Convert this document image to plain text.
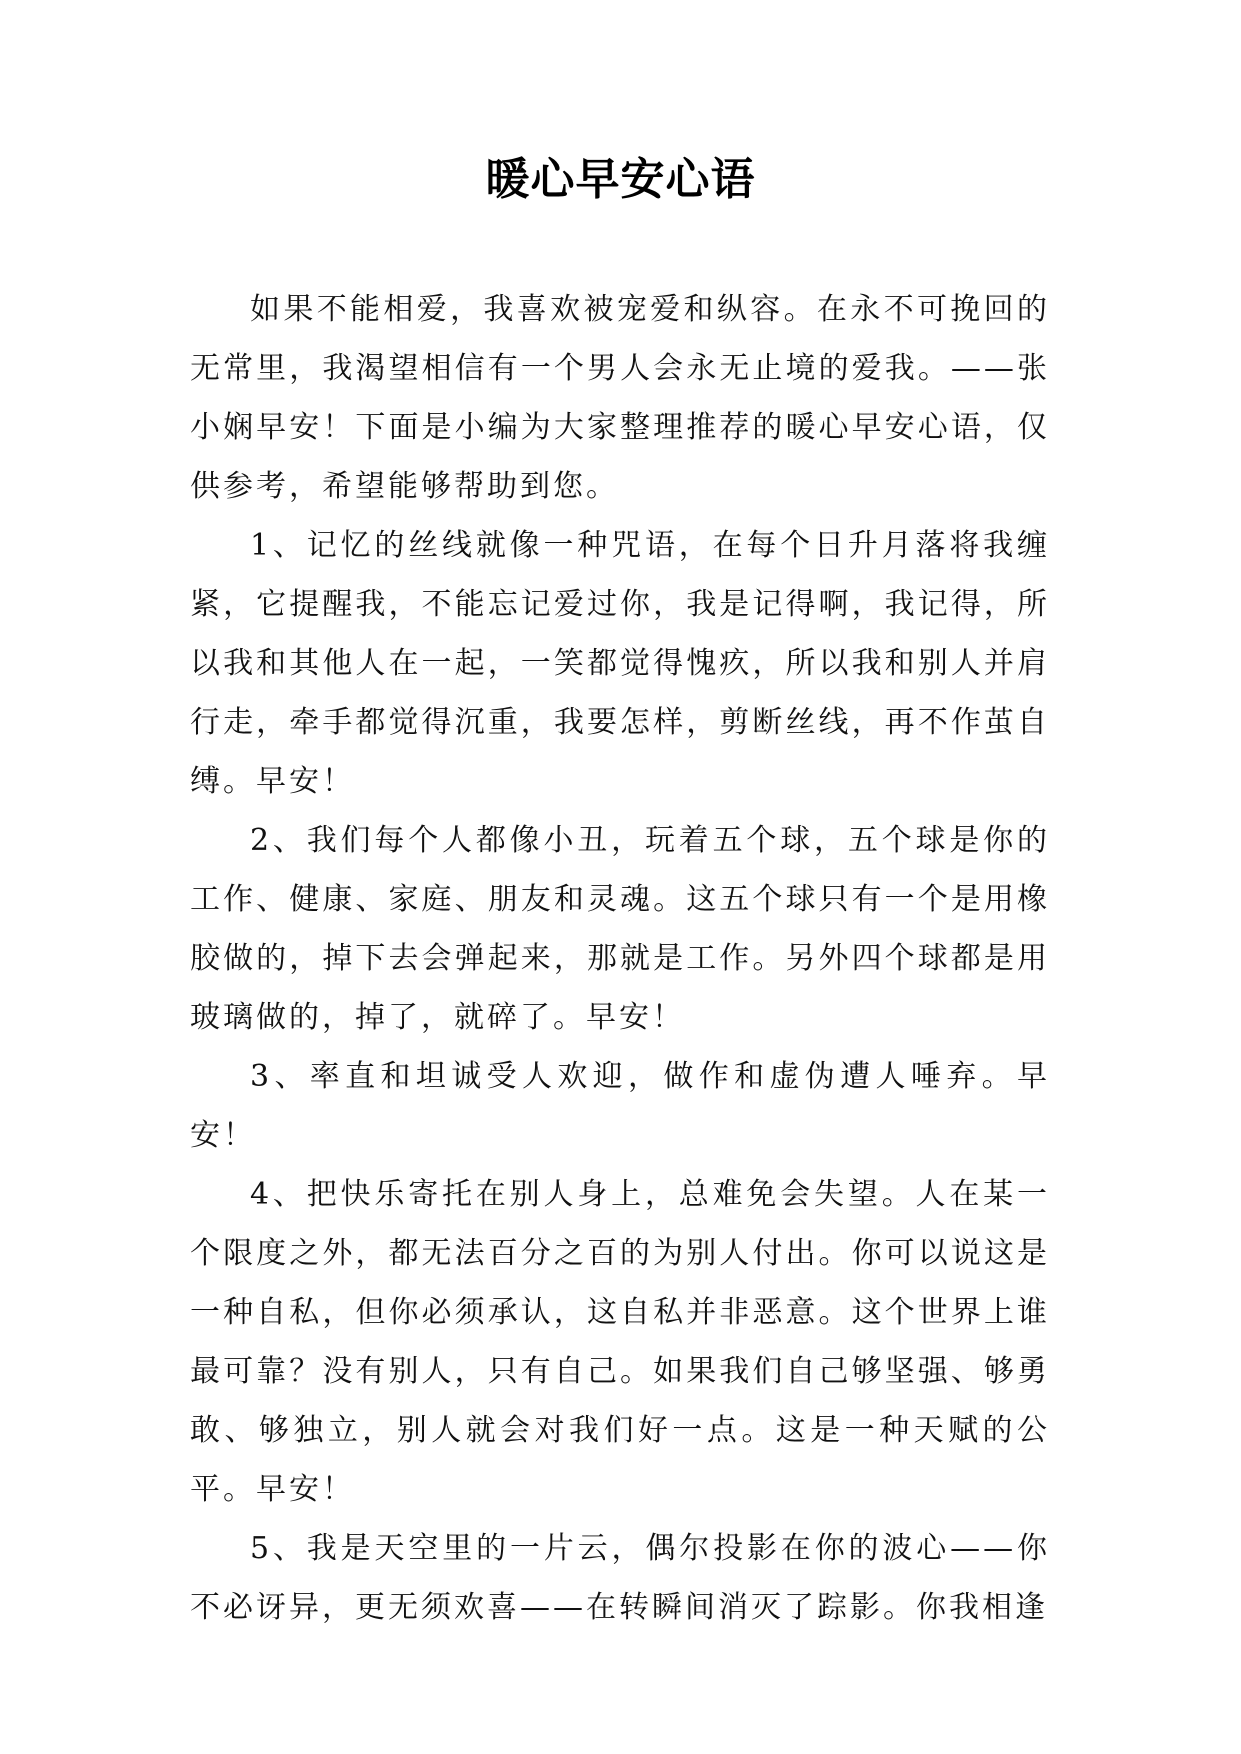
暖心早安心语

如果不能相爱，我喜欢被宠爱和纵容。在永不可挽回的无常里，我渴望相信有一个男人会永无止境的爱我。——张小娴早安！下面是小编为大家整理推荐的暖心早安心语，仅供参考，希望能够帮助到您。

1、记忆的丝线就像一种咒语，在每个日升月落将我缠紧，它提醒我，不能忘记爱过你，我是记得啊，我记得，所以我和其他人在一起，一笑都觉得愧疚，所以我和别人并肩行走，牵手都觉得沉重，我要怎样，剪断丝线，再不作茧自缚。早安！

2、我们每个人都像小丑，玩着五个球，五个球是你的工作、健康、家庭、朋友和灵魂。这五个球只有一个是用橡胶做的，掉下去会弹起来，那就是工作。另外四个球都是用玻璃做的，掉了，就碎了。早安！

3、率直和坦诚受人欢迎，做作和虚伪遭人唾弃。早安！

4、把快乐寄托在别人身上，总难免会失望。人在某一个限度之外，都无法百分之百的为别人付出。你可以说这是一种自私，但你必须承认，这自私并非恶意。这个世界上谁最可靠？没有别人，只有自己。如果我们自己够坚强、够勇敢、够独立，别人就会对我们好一点。这是一种天赋的公平。早安！

5、我是天空里的一片云，偶尔投影在你的波心——你不必讶异，更无须欢喜——在转瞬间消灭了踪影。你我相逢
